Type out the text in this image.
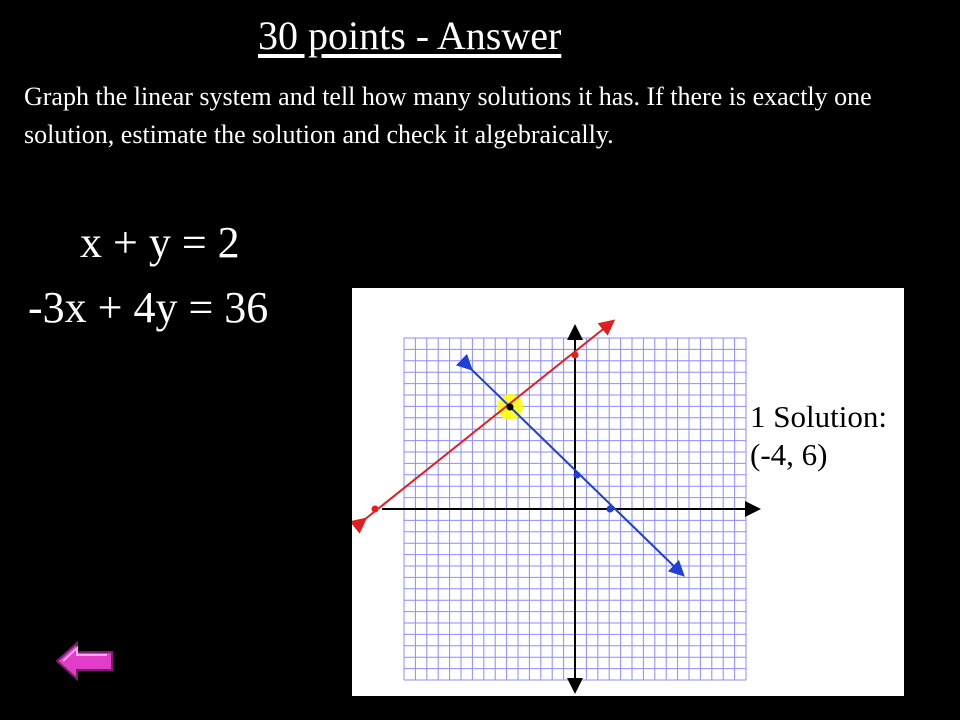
30 points - Answer
Graph the linear system and tell how many solutions it has. If there is exactly one solution, estimate the solution and check it algebraically.
x + y = 2
-3x + 4y = 36
1 Solution:
(-4, 6)
